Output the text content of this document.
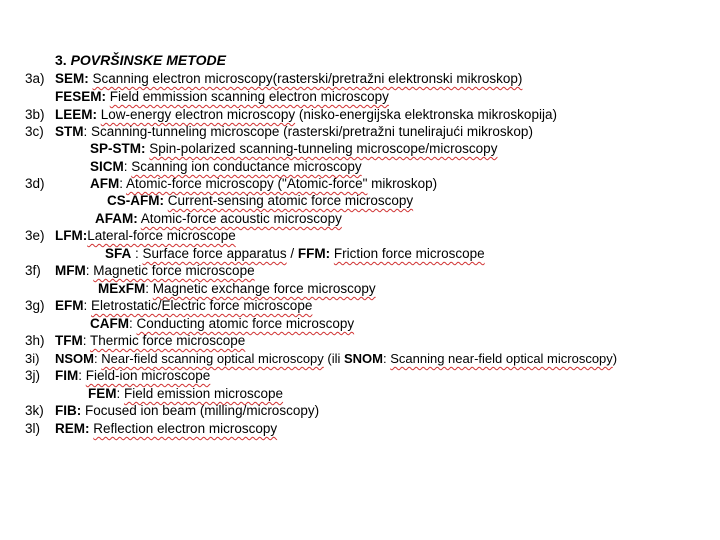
3. POVRŠINSKE METODE
3a) SEM: Scanning electron microscopy(rasterski/pretražni elektronski mikroskop)
FESEM: Field emmission scanning electron microscopy
3b) LEEM: Low-energy electron microscopy (nisko-energijska elektronska mikroskopija)
3c) STM: Scanning-tunneling microscope (rasterski/pretražni tunelirajući mikroskop)
SP-STM: Spin-polarized scanning-tunneling microscope/microscopy
SICM: Scanning ion conductance microscopy
3d)	AFM: Atomic-force microscopy ("Atomic-force" mikroskop)
CS-AFM: Current-sensing atomic force microscopy
AFAM: Atomic-force acoustic microscopy
3e) LFM:Lateral-force microscope
SFA : Surface force apparatus / FFM: Friction force microscope
3f) MFM: Magnetic force microscope
MExFM: Magnetic exchange force microscopy
3g) EFM: Eletrostatic/Electric force microscope
CAFM: Conducting atomic force microscopy
3h) TFM: Thermic force microscope
3i) NSOM: Near-field scanning optical microscopy (ili SNOM: Scanning near-field optical microscopy)
3j) FIM: Field-ion microscope
FEM: Field emission microscope
3k) FIB: Focused ion beam (milling/microscopy)
3l) REM: Reflection electron microscopy
